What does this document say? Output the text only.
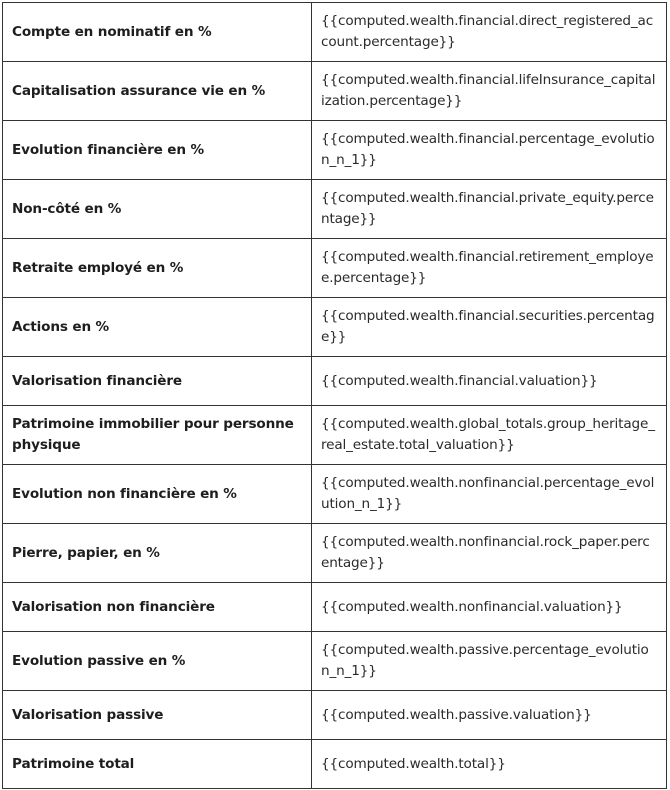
Compte en nominatif en %	{{computed.wealth.financial.direct_registered_account.percentage}}
Capitalisation assurance vie en %	{{computed.wealth.financial.lifeInsurance_capitalization.percentage}}
Evolution financière en %	{{computed.wealth.financial.percentage_evolution_n_1}}
Non-côté en %	{{computed.wealth.financial.private_equity.percentage}}
Retraite employé en %	{{computed.wealth.financial.retirement_employee.percentage}}
Actions en %	{{computed.wealth.financial.securities.percentage}}
Valorisation financière	{{computed.wealth.financial.valuation}}
Patrimoine immobilier pour personne physique	{{computed.wealth.global_totals.group_heritage_real_estate.total_valuation}}
Evolution non financière en %	{{computed.wealth.nonfinancial.percentage_evolution_n_1}}
Pierre, papier, en %	{{computed.wealth.nonfinancial.rock_paper.percentage}}
Valorisation non financière	{{computed.wealth.nonfinancial.valuation}}
Evolution passive en %	{{computed.wealth.passive.percentage_evolution_n_1}}
Valorisation passive	{{computed.wealth.passive.valuation}}
Patrimoine total	{{computed.wealth.total}}
